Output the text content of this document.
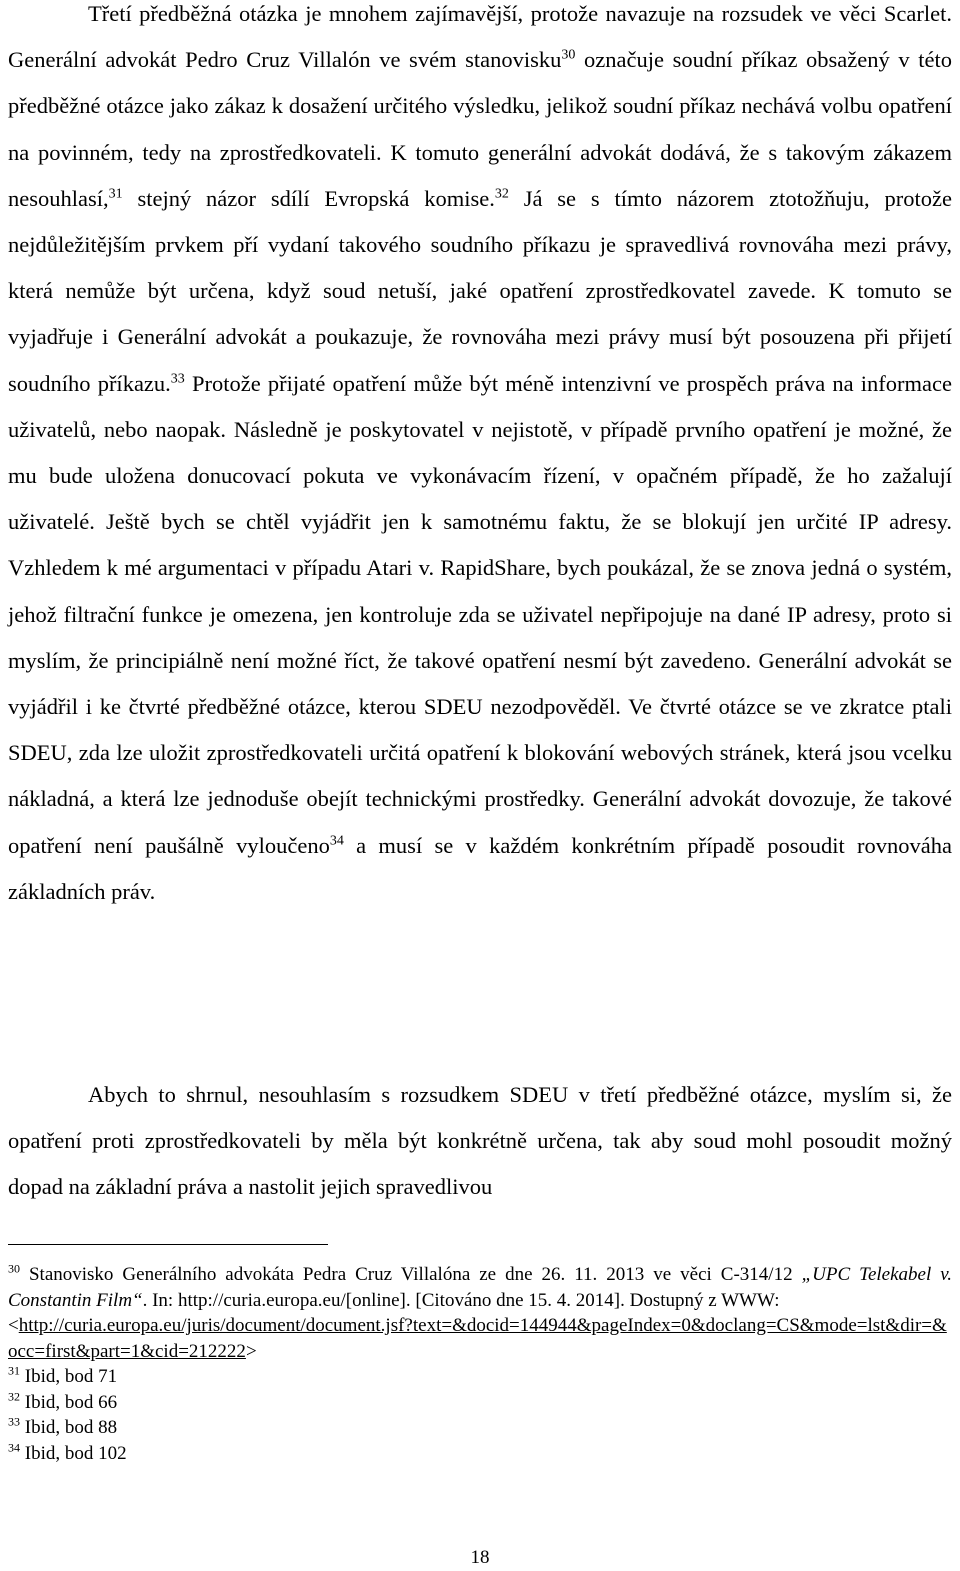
Třetí předběžná otázka je mnohem zajímavější, protože navazuje na rozsudek ve věci Scarlet. Generální advokát Pedro Cruz Villalón ve svém stanovisku$^{30}$ označuje soudní příkaz obsažený v této předběžné otázce jako zákaz k dosažení určitého výsledku, jelikož soudní příkaz nechává volbu opatření na povinném, tedy na zprostředkovateli. K tomuto generální advokát dodává, že s takovým zákazem nesouhlasí,$^{31}$ stejný názor sdílí Evropská komise.$^{32}$ Já se s tímto názorem ztotožňuju, protože nejdůležitějším prvkem pří vydaní takového soudního příkazu je spravedlivá rovnováha mezi právy, která nemůže být určena, když soud netuší, jaké opatření zprostředkovatel zavede. K tomuto se vyjadřuje i Generální advokát a poukazuje, že rovnováha mezi právy musí být posouzena při přijetí soudního příkazu.$^{33}$ Protože přijaté opatření může být méně intenzivní ve prospěch práva na informace uživatelů, nebo naopak. Následně je poskytovatel v nejistotě, v případě prvního opatření je možné, že mu bude uložena donucovací pokuta ve vykonávacím řízení, v opačném případě, že ho zažalují uživatelé. Ještě bych se chtěl vyjádřit jen k samotnému faktu, že se blokují jen určité IP adresy. Vzhledem k mé argumentaci v případu Atari v. RapidShare, bych poukázal, že se znova jedná o systém, jehož filtrační funkce je omezena, jen kontroluje zda se uživatel nepřipojuje na dané IP adresy, proto si myslím, že principiálně není možné říct, že takové opatření nesmí být zavedeno. Generální advokát se vyjádřil i ke čtvrté předběžné otázce, kterou SDEU nezodpověděl. Ve čtvrté otázce se ve zkratce ptali SDEU, zda lze uložit zprostředkovateli určitá opatření k blokování webových stránek, která jsou vcelku nákladná, a která lze jednoduše obejít technickými prostředky. Generální advokát dovozuje, že takové opatření není paušálně vyloučeno$^{34}$ a musí se v každém konkrétním případě posoudit rovnováha základních práv.

Abych to shrnul, nesouhlasím s rozsudkem SDEU v třetí předběžné otázce, myslím si, že opatření proti zprostředkovateli by měla být konkrétně určena, tak aby soud mohl posoudit možný dopad na základní práva a nastolit jejich spravedlivou

$^{30}$ Stanovisko Generálního advokáta Pedra Cruz Villalóna ze dne 26. 11. 2013 ve věci C-314/12 „UPC Telekabel v. Constantin Film“. In: http://curia.europa.eu/[online]. [Citováno dne 15. 4. 2014]. Dostupný z WWW:
<http://curia.europa.eu/juris/document/document.jsf?text=&docid=144944&pageIndex=0&doclang=CS&mode=lst&dir=&occ=first&part=1&cid=212222>

$^{31}$ Ibid, bod 71

$^{32}$ Ibid, bod 66

$^{33}$ Ibid, bod 88

$^{34}$ Ibid, bod 102

18
